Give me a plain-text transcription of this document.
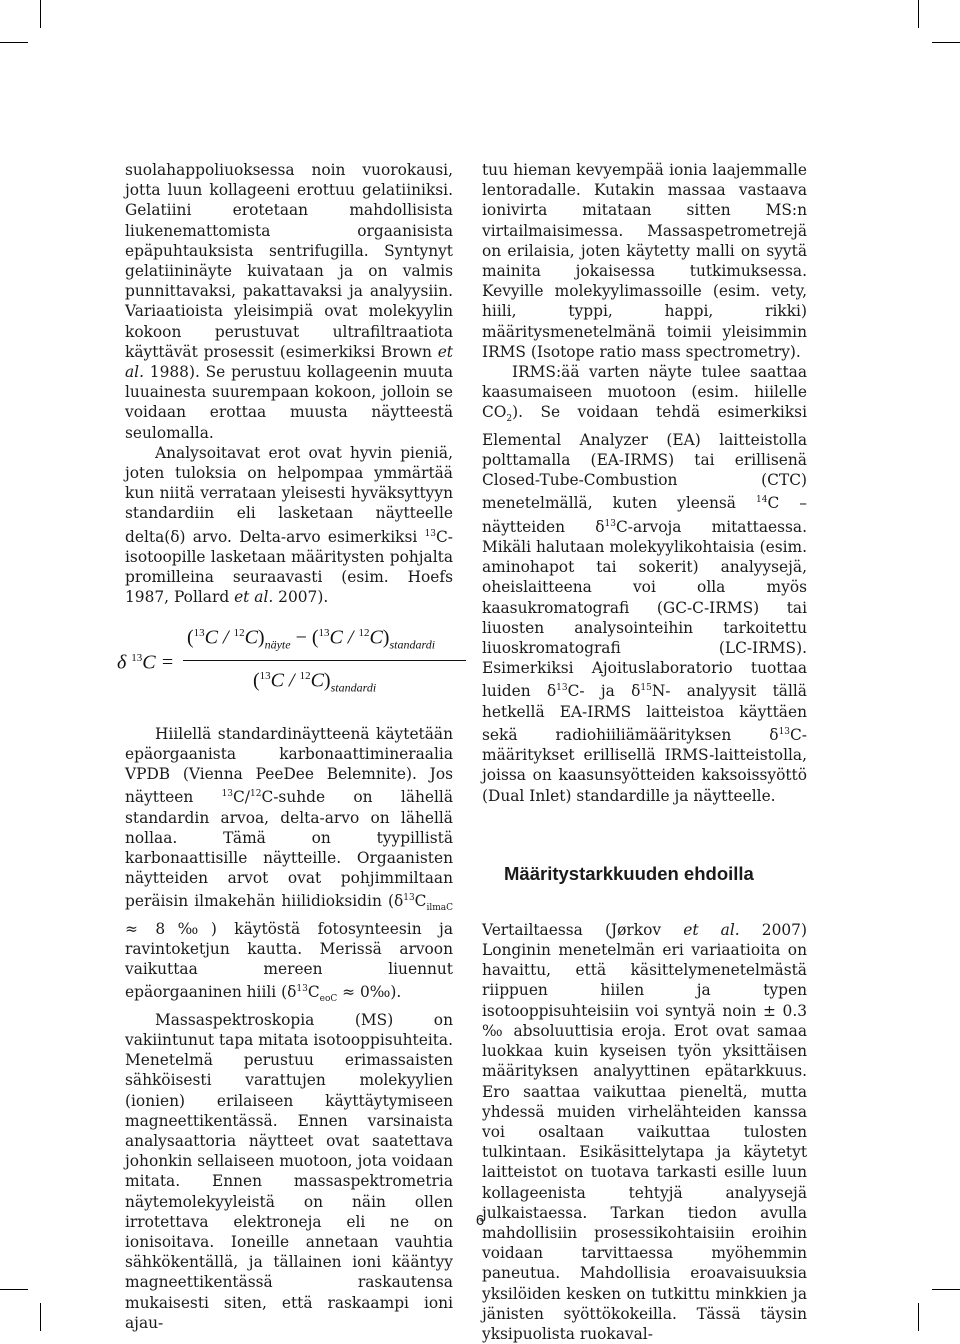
suolahappoliuoksessa noin vuorokausi, jotta luun kollageeni erottuu gelatiiniksi. Gelatiini erotetaan mahdollisista liukenemattomista orgaanisista epäpuhtauksista sentrifugilla. Syntynyt gelatiininäyte kuivataan ja on valmis punnittavaksi, pakattavaksi ja analyysiin. Variaatioista yleisimpiä ovat molekyylin kokoon perustuvat ultrafiltraatiota käyttävät prosessit (esimerkiksi Brown et al. 1988). Se perustuu kollageenin muuta luuainesta suurempaan kokoon, jolloin se voidaan erottaa muusta näytteestä seulomalla.

Analysoitavat erot ovat hyvin pieniä, joten tuloksia on helpompaa ymmärtää kun niitä verrataan yleisesti hyväksyttyyn standardiin eli lasketaan näytteelle delta(δ) arvo. Delta-arvo esimerkiksi $^{13}$C-isotoopille lasketaan määritysten pohjalta promilleina seuraavasti (esim. Hoefs 1987, Pollard et al. 2007).

δ $^{13}$C =
$(^{13}C / ^{12}C)_{näyte} - (^{13}C / ^{12}C)_{standardi}$
$(^{13}C / ^{12}C)_{standardi}$

Hiilellä standardinäytteenä käytetään epäorgaanista karbonaattimineraalia VPDB (Vienna PeeDee Belemnite). Jos näytteen $^{13}$C/$^{12}$C-suhde on lähellä standardin arvoa, delta-arvo on lähellä nollaa. Tämä on tyypillistä karbonaattisille näytteille. Orgaanisten näytteiden arvot ovat pohjimmiltaan peräisin ilmakehän hiilidioksidin ($\delta^{13}C_{ilmaC}$ ≈ 8‰) käytöstä fotosynteesin ja ravintoketjun kautta. Merissä arvoon vaikuttaa mereen liuennut epäorgaaninen hiili ($\delta^{13}C_{eoC}$ ≈ 0‰).

Massaspektroskopia (MS) on vakiintunut tapa mitata isotooppisuhteita. Menetelmä perustuu erimassaisten sähköisesti varattujen molekyylien (ionien) erilaiseen käyttäytymiseen magneettikentässä. Ennen varsinaista analysaattoria näytteet ovat saatettava johonkin sellaiseen muotoon, jota voidaan mitata. Ennen massaspektrometria näytemolekyyleistä on näin ollen irrotettava elektroneja eli ne on ionisoitava. Ioneille annetaan vauhtia sähkökentällä, ja tällainen ioni kääntyy magneettikentässä raskautensa mukaisesti siten, että raskaampi ioni ajau-

tuu hieman kevyempää ionia laajemmalle lentoradalle. Kutakin massaa vastaava ionivirta mitataan sitten MS:n virtailmaisimessa. Massaspetrometrejä on erilaisia, joten käytetty malli on syytä mainita jokaisessa tutkimuksessa. Kevyille molekyylimassoille (esim. vety, hiili, typpi, happi, rikki) määritysmenetelmänä toimii yleisimmin IRMS (Isotope ratio mass spectrometry).

IRMS:ää varten näyte tulee saattaa kaasumaiseen muotoon (esim. hiilelle $CO_2$). Se voidaan tehdä esimerkiksi Elemental Analyzer (EA) laitteistolla polttamalla (EA-IRMS) tai erillisenä Closed-Tube-Combustion (CTC) menetelmällä, kuten yleensä $^{14}$C –näytteiden $\delta^{13}C$-arvoja mitattaessa. Mikäli halutaan molekyylikohtaisia (esim. aminohapot tai sokerit) analyysejä, oheislaitteena voi olla myös kaasukromatografi (GC-C-IRMS) tai liuosten analysointeihin tarkoitettu liuoskromatografi (LC-IRMS). Esimerkiksi Ajoituslaboratorio tuottaa luiden $\delta^{13}C-$ ja $\delta^{15}N-$ analyysit tällä hetkellä EA-IRMS laitteistoa käyttäen sekä radiohiiliämäärityksen $\delta^{13}C$-määritykset erillisellä IRMS-laitteistolla, joissa on kaasunsyötteiden kaksoissyöttö (Dual Inlet) standardille ja näytteelle.

Määritystarkkuuden ehdoilla

Vertailtaessa (Jørkov et al. 2007) Longinin menetelmän eri variaatioita on havaittu, että käsittelymenetelmästä riippuen hiilen ja typen isotooppisuhteisiin voi syntyä noin ± 0.3 ‰ absoluuttisia eroja. Erot ovat samaa luokkaa kuin kyseisen työn yksittäisen määrityksen analyyttinen epätarkkuus. Ero saattaa vaikuttaa pieneltä, mutta yhdessä muiden virhelähteiden kanssa voi osaltaan vaikuttaa tulosten tulkintaan. Esikäsittelytapa ja käytetyt laitteistot on tuotava tarkasti esille luun kollageenista tehtyjä analyysejä julkaistaessa. Tarkan tiedon avulla mahdollisiin prosessikohtaisiin eroihin voidaan tarvittaessa myöhemmin paneutua. Mahdollisia eroavaisuuksia yksilöiden kesken on tutkittu minkkien ja jänisten syöttökokeilla. Tässä täysin yksipuolista ruokaval-

6
